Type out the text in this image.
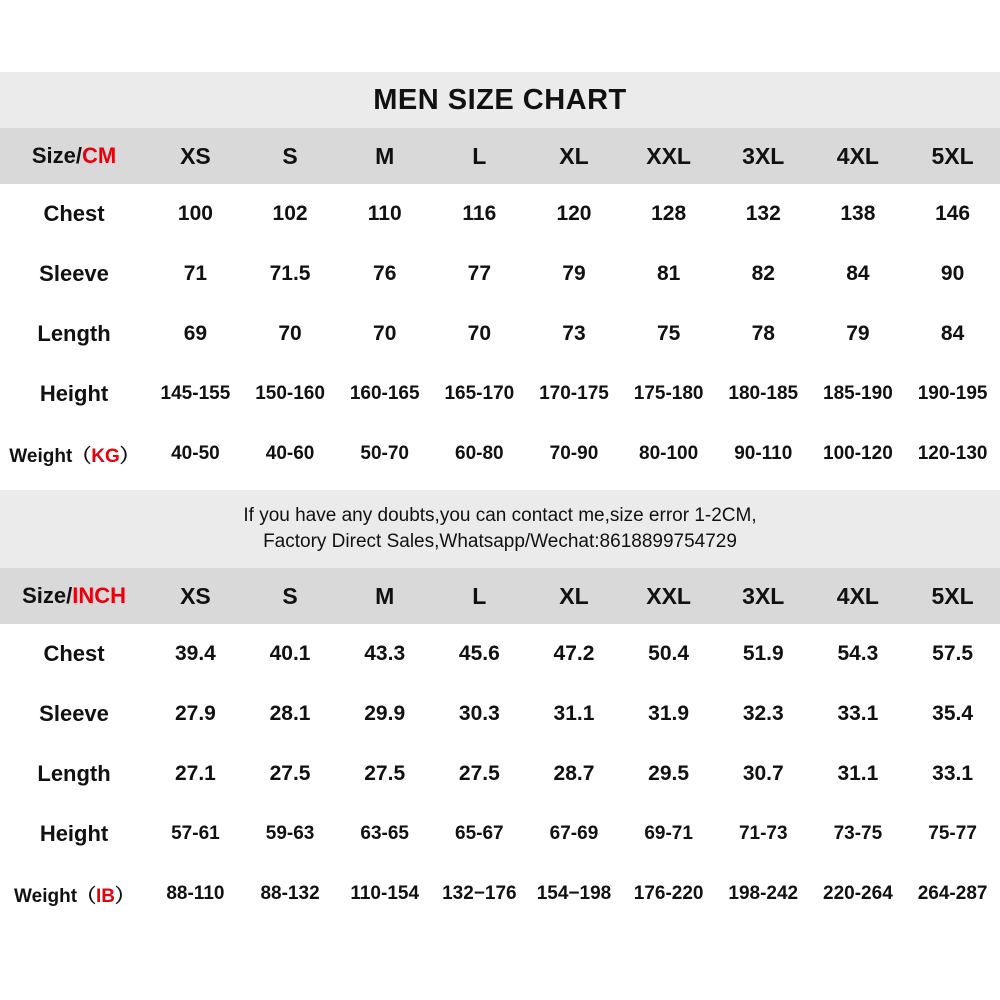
MEN SIZE CHART
Size/CM	XS	S	M	L	XL	XXL	3XL	4XL	5XL
Chest	100	102	110	116	120	128	132	138	146
Sleeve	71	71.5	76	77	79	81	82	84	90
Length	69	70	70	70	73	75	78	79	84
Height	145-155	150-160	160-165	165-170	170-175	175-180	180-185	185-190	190-195
Weight（KG）	40-50	40-60	50-70	60-80	70-90	80-100	90-110	100-120	120-130
If you have any doubts,you can contact me,size error 1-2CM,
Factory Direct Sales,Whatsapp/Wechat:8618899754729
Size/INCH	XS	S	M	L	XL	XXL	3XL	4XL	5XL
Chest	39.4	40.1	43.3	45.6	47.2	50.4	51.9	54.3	57.5
Sleeve	27.9	28.1	29.9	30.3	31.1	31.9	32.3	33.1	35.4
Length	27.1	27.5	27.5	27.5	28.7	29.5	30.7	31.1	33.1
Height	57-61	59-63	63-65	65-67	67-69	69-71	71-73	73-75	75-77
Weight（IB）	88-110	88-132	110-154	132−176	154−198	176-220	198-242	220-264	264-287
